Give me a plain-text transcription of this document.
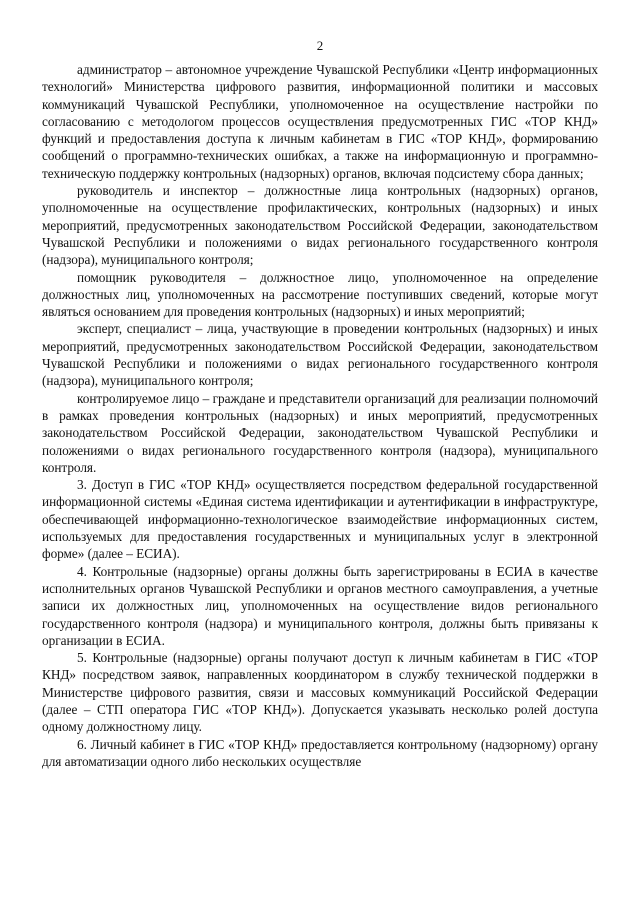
2

администратор – автономное учреждение Чувашской Республики «Центр информационных технологий» Министерства цифрового развития, информационной политики и массовых коммуникаций Чувашской Республики, уполномоченное на осуществление настройки по согласованию с методологом процессов осуществления предусмотренных ГИС «ТОР КНД» функций и предоставления доступа к личным кабинетам в ГИС «ТОР КНД», формированию сообщений о программно-технических ошибках, а также на информационную и программно-техническую поддержку контрольных (надзорных) органов, включая подсистему сбора данных;

руководитель и инспектор – должностные лица контрольных (надзорных) органов, уполномоченные на осуществление профилактических, контрольных (надзорных) и иных мероприятий, предусмотренных законодательством Российской Федерации, законодательством Чувашской Республики и положениями о видах регионального государственного контроля (надзора), муниципального контроля;

помощник руководителя – должностное лицо, уполномоченное на определение должностных лиц, уполномоченных на рассмотрение поступивших сведений, которые могут являться основанием для проведения контрольных (надзорных) и иных мероприятий;

эксперт, специалист – лица, участвующие в проведении контрольных (надзорных) и иных мероприятий, предусмотренных законодательством Российской Федерации, законодательством Чувашской Республики и положениями о видах регионального государственного контроля (надзора), муниципального контроля;

контролируемое лицо – граждане и представители организаций для реализации полномочий в рамках проведения контрольных (надзорных) и иных мероприятий, предусмотренных законодательством Российской Федерации, законодательством Чувашской Республики и положениями о видах регионального государственного контроля (надзора), муниципального контроля.

3. Доступ в ГИС «ТОР КНД» осуществляется посредством федеральной государственной информационной системы «Единая система идентификации и аутентификации в инфраструктуре, обеспечивающей информационно-технологическое взаимодействие информационных систем, используемых для предоставления государственных и муниципальных услуг в электронной форме» (далее – ЕСИА).

4. Контрольные (надзорные) органы должны быть зарегистрированы в ЕСИА в качестве исполнительных органов Чувашской Республики и органов местного самоуправления, а учетные записи их должностных лиц, уполномоченных на осуществление видов регионального государственного контроля (надзора) и муниципального контроля, должны быть привязаны к организации в ЕСИА.

5. Контрольные (надзорные) органы получают доступ к личным кабинетам в ГИС «ТОР КНД» посредством заявок, направленных координатором в службу технической поддержки в Министерстве цифрового развития, связи и массовых коммуникаций Российской Федерации (далее – СТП оператора ГИС «ТОР КНД»). Допускается указывать несколько ролей доступа одному должностному лицу.

6. Личный кабинет в ГИС «ТОР КНД» предоставляется контрольному (надзорному) органу для автоматизации одного либо нескольких осуществляе
